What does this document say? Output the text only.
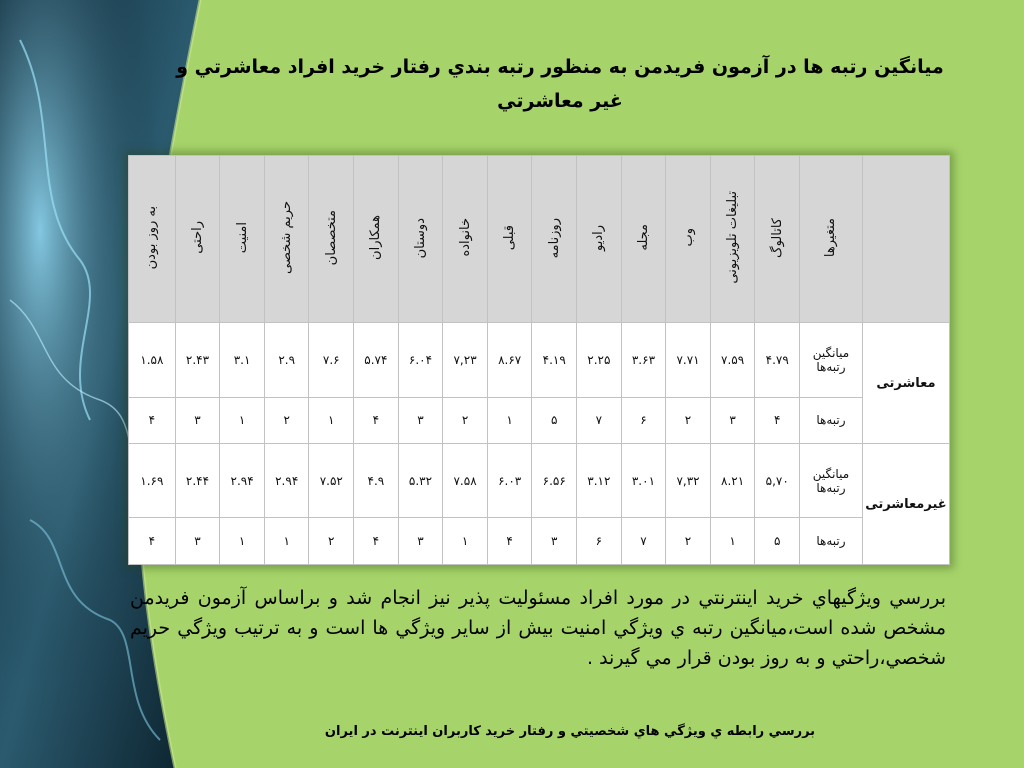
ميانگين رتبه ها در آزمون فريدمن به منظور رتبه بندي رفتار خريد افراد معاشرتي و غير معاشرتي
	متغیرها	کاتالوگ	تبلیغات تلویزیونی	وب	مجله	رادیو	روزنامه	قبلی	خانواده	دوستان	همکاران	متخصصان	حریم شخصی	امنیت	راحتی	به روز بودن
معاشرتی	میانگین رتبه‌ها	۴.۷۹	۷.۵۹	۷.۷۱	۳.۶۳	۲.۲۵	۴.۱۹	۸.۶۷	۷,۲۳	۶.۰۴	۵.۷۴	۷.۶	۲.۹	۳.۱	۲.۴۳	۱.۵۸
	رتبه‌ها	۴	۳	۲	۶	۷	۵	۱	۲	۳	۴	۱	۲	۱	۳	۴
غیرمعاشرتی	میانگین رتبه‌ها	۵,۷۰	۸.۲۱	۷,۳۲	۳.۰۱	۳.۱۲	۶.۵۶	۶.۰۳	۷.۵۸	۵.۳۲	۴.۹	۷.۵۲	۲.۹۴	۲.۹۴	۲.۴۴	۱.۶۹
	رتبه‌ها	۵	۱	۲	۷	۶	۳	۴	۱	۳	۴	۲	۱	۱	۳	۴
بررسي ويژگيهاي خريد اينترنتي در مورد افراد مسئوليت پذير نيز انجام شد و براساس آزمون فريدمن مشخص شده است،ميانگين رتبه ي ويژگي امنيت بيش از ساير ويژگي ها است و به ترتيب ويژگي حريم شخصي،راحتي و به روز بودن قرار مي گيرند .
بررسي رابطه ي ويژگي هاي شخصيتي و رفتار خريد كاربران اينترنت در ايران
